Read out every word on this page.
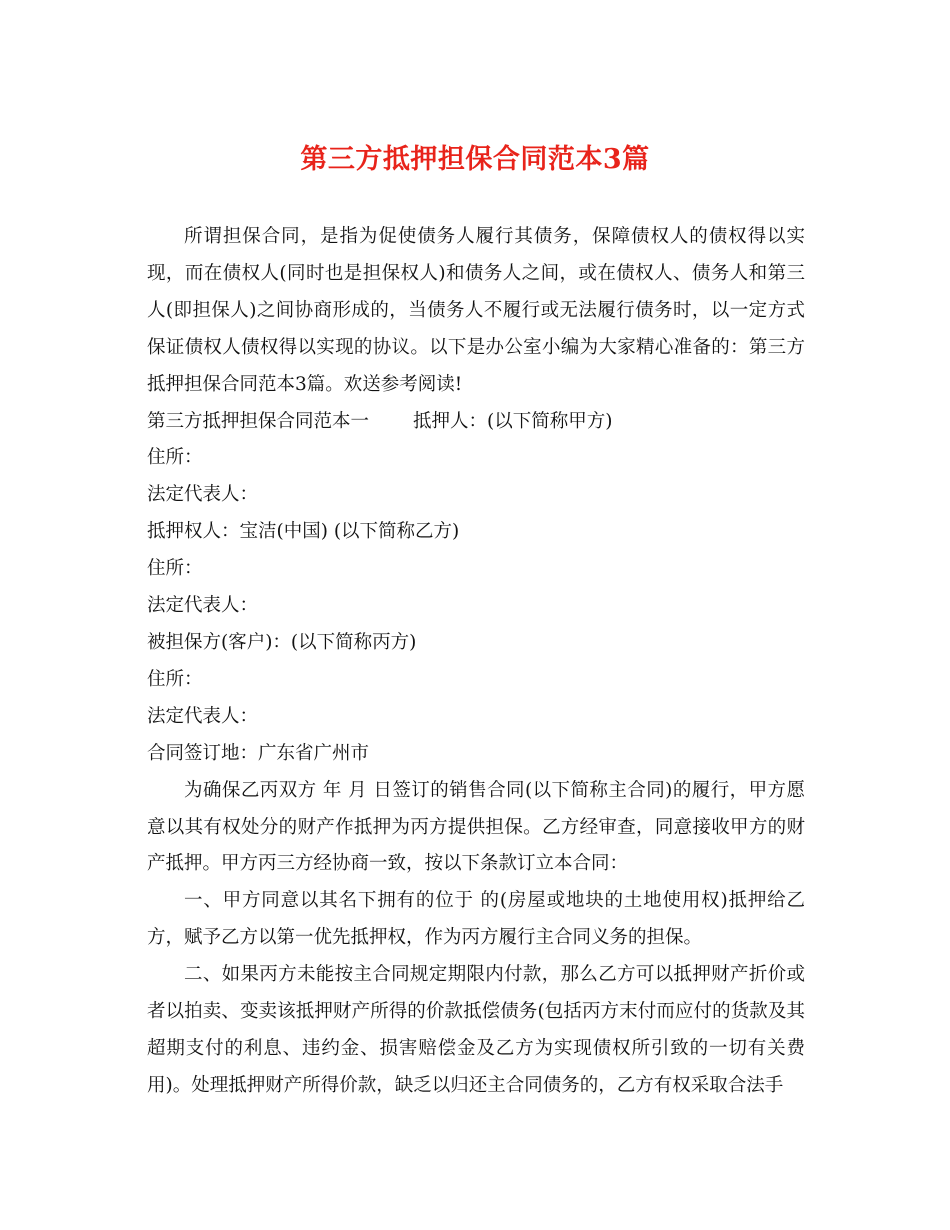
第三方抵押担保合同范本3篇

所谓担保合同，是指为促使债务人履行其债务，保障债权人的债权得以实现，而在债权人(同时也是担保权人)和债务人之间，或在债权人、债务人和第三人(即担保人)之间协商形成的，当债务人不履行或无法履行债务时，以一定方式保证债权人债权得以实现的协议。以下是办公室小编为大家精心准备的：第三方抵押担保合同范本3篇。欢送参考阅读!

第三方抵押担保合同范本一 抵押人：(以下简称甲方)

住所：

法定代表人：

抵押权人：宝洁(中国) (以下简称乙方)

住所：

法定代表人：

被担保方(客户)：(以下简称丙方)

住所：

法定代表人：

合同签订地：广东省广州市

为确保乙丙双方 年 月 日签订的销售合同(以下简称主合同)的履行，甲方愿意以其有权处分的财产作抵押为丙方提供担保。乙方经审查，同意接收甲方的财产抵押。甲方丙三方经协商一致，按以下条款订立本合同：

一、甲方同意以其名下拥有的位于 的(房屋或地块的土地使用权)抵押给乙方，赋予乙方以第一优先抵押权，作为丙方履行主合同义务的担保。

二、如果丙方未能按主合同规定期限内付款，那么乙方可以抵押财产折价或者以拍卖、变卖该抵押财产所得的价款抵偿债务(包括丙方末付而应付的货款及其超期支付的利息、违约金、损害赔偿金及乙方为实现债权所引致的一切有关费用)。处理抵押财产所得价款，缺乏以归还主合同债务的，乙方有权采取合法手
